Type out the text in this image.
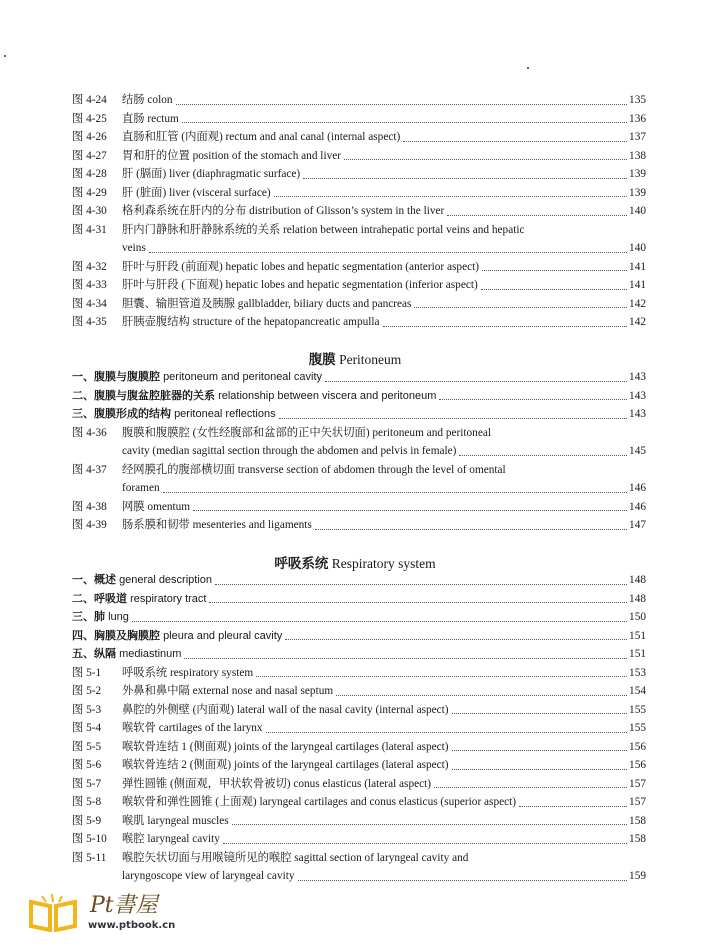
图 4-24	结肠 colon	135
图 4-25	直肠 rectum	136
图 4-26	直肠和肛管 (内面观) rectum and anal canal (internal aspect)	137
图 4-27	胃和肝的位置 position of the stomach and liver	138
图 4-28	肝 (膈面) liver (diaphragmatic surface)	139
图 4-29	肝 (脏面) liver (visceral surface)	139
图 4-30	格利森系统在肝内的分布 distribution of Glisson’s system in the liver	140
图 4-31	肝内门静脉和肝静脉系统的关系 relation between intrahepatic portal veins and hepatic
veins	140
图 4-32	肝叶与肝段 (前面观) hepatic lobes and hepatic segmentation (anterior aspect)	141
图 4-33	肝叶与肝段 (下面观) hepatic lobes and hepatic segmentation (inferior aspect)	141
图 4-34	胆囊、输胆管道及胰腺 gallbladder, biliary ducts and pancreas	142
图 4-35	肝胰壶腹结构 structure of the hepatopancreatic ampulla	142
腹膜 Peritoneum
一、腹膜与腹膜腔 peritoneum and peritoneal cavity	143
二、腹膜与腹盆腔脏器的关系 relationship between viscera and peritoneum	143
三、腹膜形成的结构 peritoneal reflections	143
图 4-36	腹膜和腹膜腔 (女性经腹部和盆部的正中矢状切面) peritoneum and peritoneal
cavity (median sagittal section through the abdomen and pelvis in female)	145
图 4-37	经网膜孔的腹部横切面 transverse section of abdomen through the level of omental
foramen	146
图 4-38	网膜 omentum	146
图 4-39	肠系膜和韧带 mesenteries and ligaments	147
呼吸系统 Respiratory system
一、概述 general description	148
二、呼吸道 respiratory tract	148
三、肺 lung	150
四、胸膜及胸膜腔 pleura and pleural cavity	151
五、纵隔 mediastinum	151
图 5-1	呼吸系统 respiratory system	153
图 5-2	外鼻和鼻中隔 external nose and nasal septum	154
图 5-3	鼻腔的外侧壁 (内面观) lateral wall of the nasal cavity (internal aspect)	155
图 5-4	喉软骨 cartilages of the larynx	155
图 5-5	喉软骨连结 1 (侧面观) joints of the laryngeal cartilages (lateral aspect)	156
图 5-6	喉软骨连结 2 (侧面观) joints of the laryngeal cartilages (lateral aspect)	156
图 5-7	弹性圆锥 (侧面观，甲状软骨被切) conus elasticus (lateral aspect)	157
图 5-8	喉软骨和弹性圆锥 (上面观) laryngeal cartilages and conus elasticus (superior aspect)	157
图 5-9	喉肌 laryngeal muscles	158
图 5-10	喉腔 laryngeal cavity	158
图 5-11	喉腔矢状切面与用喉镜所见的喉腔 sagittal section of laryngeal cavity and
laryngoscope view of laryngeal cavity	159
Pt書屋
www.ptbook.cn
